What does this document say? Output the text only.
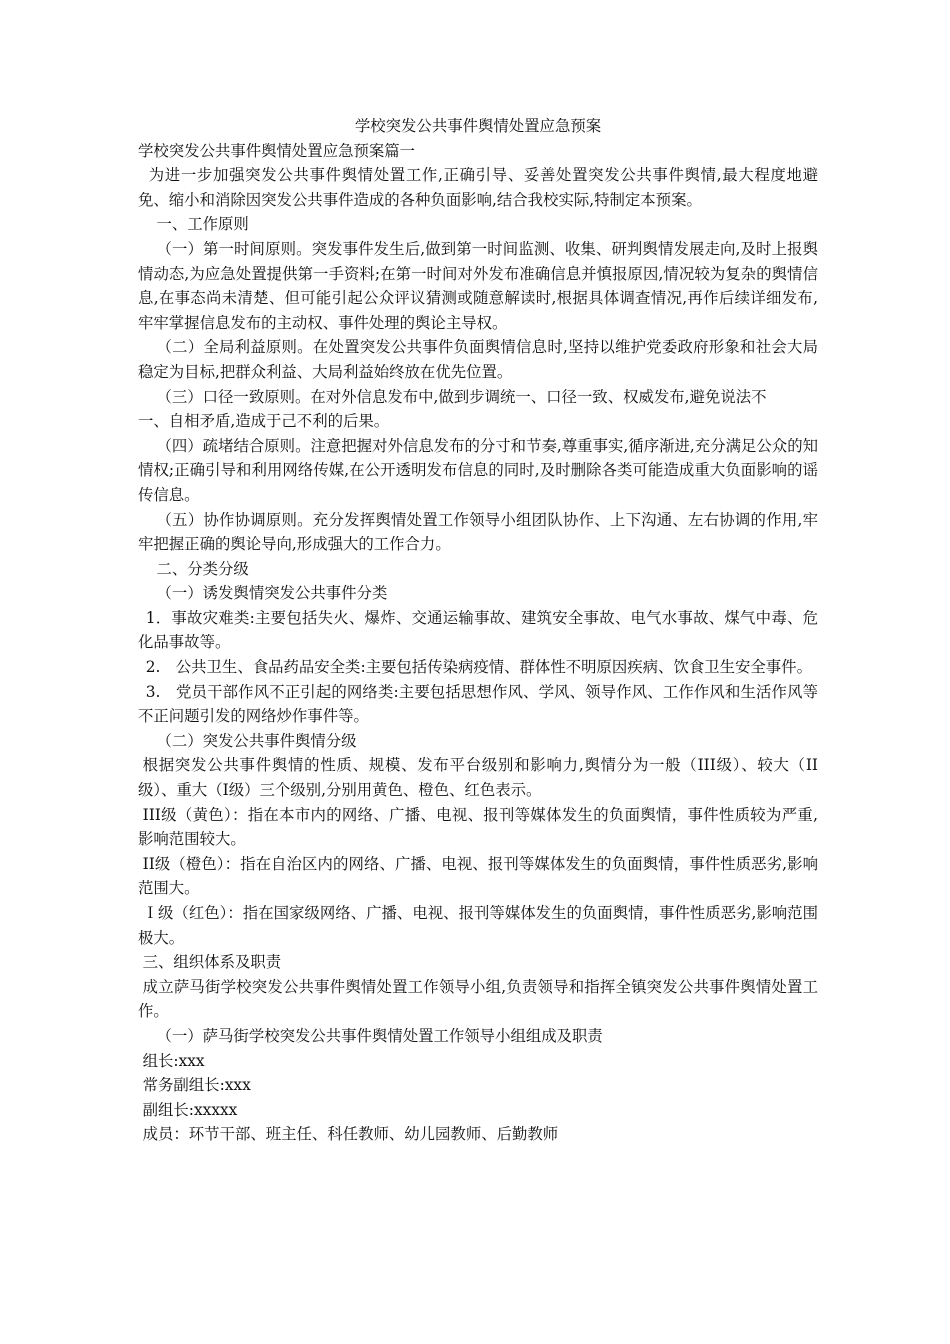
学校突发公共事件舆情处置应急预案

学校突发公共事件舆情处置应急预案篇一

为进一步加强突发公共事件舆情处置工作,正确引导、妥善处置突发公共事件舆情,最大程度地避免、缩小和消除因突发公共事件造成的各种负面影响,结合我校实际,特制定本预案。

一、工作原则

（一）第一时间原则。突发事件发生后,做到第一时间监测、收集、研判舆情发展走向,及时上报舆情动态,为应急处置提供第一手资料;在第一时间对外发布准确信息并慎报原因,情况较为复杂的舆情信息,在事态尚未清楚、但可能引起公众评议猜测或随意解读时,根据具体调查情况,再作后续详细发布,牢牢掌握信息发布的主动权、事件处理的舆论主导权。

（二）全局利益原则。在处置突发公共事件负面舆情信息时,坚持以维护党委政府形象和社会大局稳定为目标,把群众利益、大局利益始终放在优先位置。

（三）口径一致原则。在对外信息发布中,做到步调统一、口径一致、权威发布,避免说法不

一、自相矛盾,造成于己不利的后果。

（四）疏堵结合原则。注意把握对外信息发布的分寸和节奏,尊重事实,循序渐进,充分满足公众的知情权;正确引导和利用网络传媒,在公开透明发布信息的同时,及时删除各类可能造成重大负面影响的谣传信息。

（五）协作协调原则。充分发挥舆情处置工作领导小组团队协作、上下沟通、左右协调的作用,牢牢把握正确的舆论导向,形成强大的工作合力。

二、分类分级

（一）诱发舆情突发公共事件分类

1．事故灾难类:主要包括失火、爆炸、交通运输事故、建筑安全事故、电气水事故、煤气中毒、危化品事故等。

2.　公共卫生、食品药品安全类:主要包括传染病疫情、群体性不明原因疾病、饮食卫生安全事件。

3.　党员干部作风不正引起的网络类:主要包括思想作风、学风、领导作风、工作作风和生活作风等不正问题引发的网络炒作事件等。

（二）突发公共事件舆情分级

根据突发公共事件舆情的性质、规模、发布平台级别和影响力,舆情分为一般（III级）、较大（II级）、重大（I级）三个级别,分别用黄色、橙色、红色表示。

III级（黄色）：指在本市内的网络、广播、电视、报刊等媒体发生的负面舆情，事件性质较为严重,影响范围较大。

II级（橙色）：指在自治区内的网络、广播、电视、报刊等媒体发生的负面舆情，事件性质恶劣,影响范围大。

Ｉ级（红色）：指在国家级网络、广播、电视、报刊等媒体发生的负面舆情，事件性质恶劣,影响范围极大。

三、组织体系及职责

成立萨马街学校突发公共事件舆情处置工作领导小组,负责领导和指挥全镇突发公共事件舆情处置工作。

（一）萨马街学校突发公共事件舆情处置工作领导小组组成及职责

组长:xxx

常务副组长:xxx

副组长:xxxxx

成员：环节干部、班主任、科任教师、幼儿园教师、后勤教师
